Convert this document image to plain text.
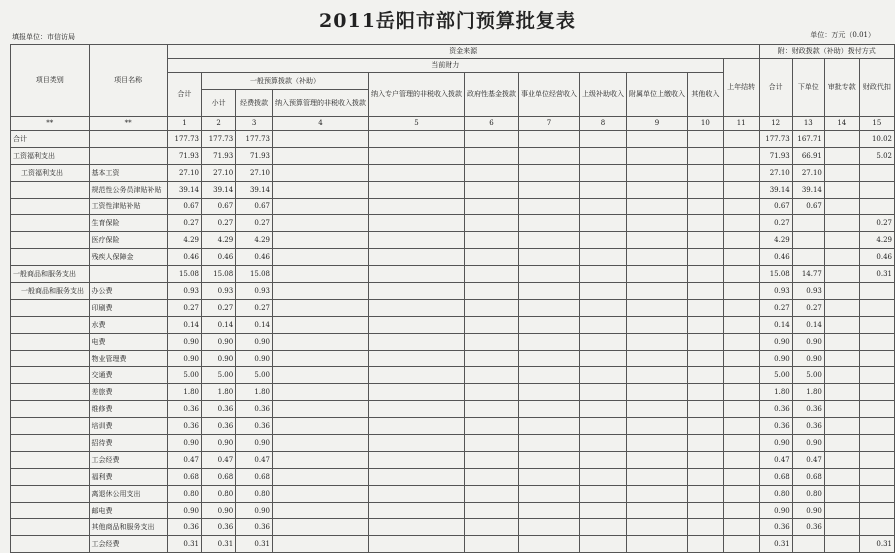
2011岳阳市部门预算批复表
填报单位：市信访局	单位：万元（0.01）
项目类别	项目名称	资金来源											附：财政拨款（补助）拨付方式			
		当前财力										上年结转	合计	下单位	审批专款	财政代扣
		合计	一般预算拨款（补助）			纳入专户管理的非税收入拨款	政府性基金拨款	事业单位经营收入	上级补助收入	附属单位上缴收入	其他收入					
			小计	经费拨款	纳入预算管理的非税收入拨款											
**	**	1	2	3	4	5	6	7	8	9	10	11	12	13	14	15
合计		177.73	177.73	177.73									177.73	167.71		10.02
工资福利支出		71.93	71.93	71.93									71.93	66.91		5.02
工资福利支出	基本工资	27.10	27.10	27.10									27.10	27.10		
	规范性公务员津贴补贴	39.14	39.14	39.14									39.14	39.14		
	工资性津贴补贴	0.67	0.67	0.67									0.67	0.67		
	生育保险	0.27	0.27	0.27									0.27			0.27
	医疗保险	4.29	4.29	4.29									4.29			4.29
	残疾人保障金	0.46	0.46	0.46									0.46			0.46
一般商品和服务支出		15.08	15.08	15.08									15.08	14.77		0.31
一般商品和服务支出	办公费	0.93	0.93	0.93									0.93	0.93		
	印刷费	0.27	0.27	0.27									0.27	0.27		
	水费	0.14	0.14	0.14									0.14	0.14		
	电费	0.90	0.90	0.90									0.90	0.90		
	物业管理费	0.90	0.90	0.90									0.90	0.90		
	交通费	5.00	5.00	5.00									5.00	5.00		
	差旅费	1.80	1.80	1.80									1.80	1.80		
	维修费	0.36	0.36	0.36									0.36	0.36		
	培训费	0.36	0.36	0.36									0.36	0.36		
	招待费	0.90	0.90	0.90									0.90	0.90		
	工会经费	0.47	0.47	0.47									0.47	0.47		
	福利费	0.68	0.68	0.68									0.68	0.68		
	离退休公用支出	0.80	0.80	0.80									0.80	0.80		
	邮电费	0.90	0.90	0.90									0.90	0.90		
	其他商品和服务支出	0.36	0.36	0.36									0.36	0.36		
	工会经费	0.31	0.31	0.31									0.31			0.31
